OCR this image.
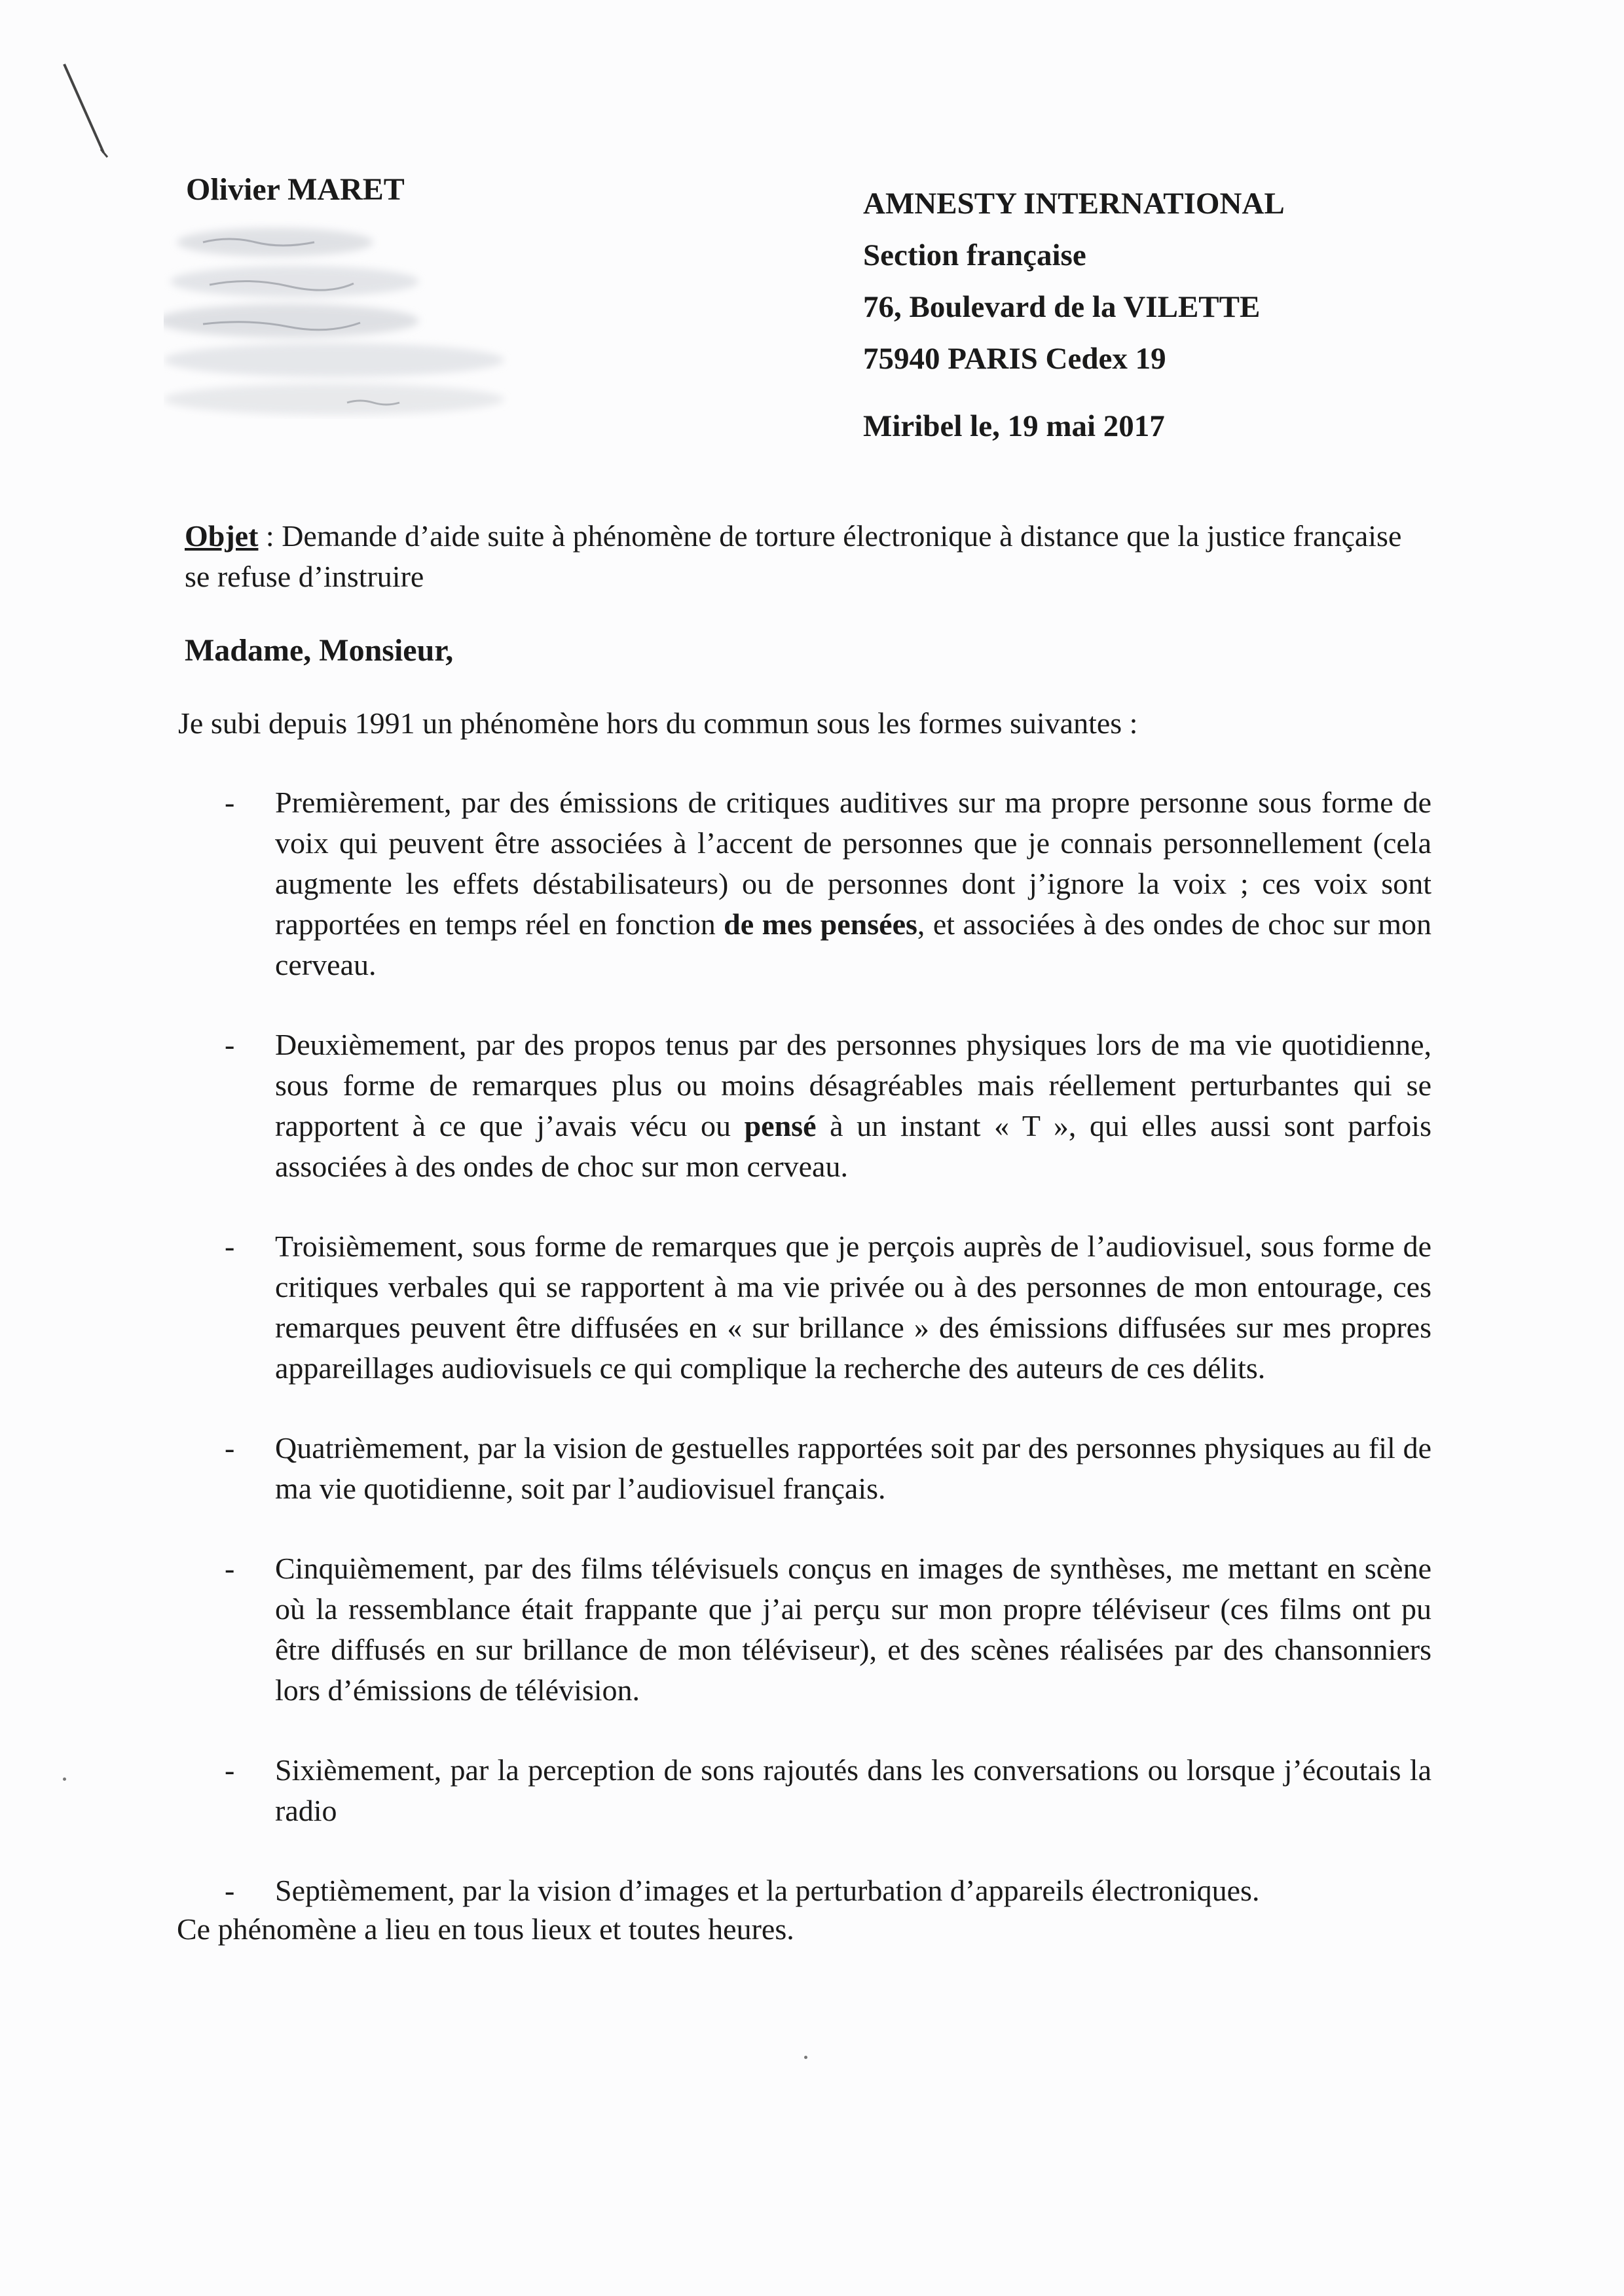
Olivier MARET	AMNESTY INTERNATIONAL
Section française
76, Boulevard de la VILETTE
75940 PARIS Cedex 19
Miribel le, 19 mai 2017

Objet : Demande d’aide suite à phénomène de torture électronique à distance que la justice française se refuse d’instruire

Madame, Monsieur,
Je subi depuis 1991 un phénomène hors du commun sous les formes suivantes :
- Premièrement, par des émissions de critiques auditives sur ma propre personne sous forme de voix qui peuvent être associées à l’accent de personnes que je connais personnellement (cela augmente les effets déstabilisateurs) ou de personnes dont j’ignore la voix ; ces voix sont rapportées en temps réel en fonction de mes pensées, et associées à des ondes de choc sur mon cerveau.
- Deuxièmement, par des propos tenus par des personnes physiques lors de ma vie quotidienne, sous forme de remarques plus ou moins désagréables mais réellement perturbantes qui se rapportent à ce que j’avais vécu ou pensé à un instant « T », qui elles aussi sont parfois associées à des ondes de choc sur mon cerveau.
- Troisièmement, sous forme de remarques que je perçois auprès de l’audiovisuel, sous forme de critiques verbales qui se rapportent à ma vie privée ou à des personnes de mon entourage, ces remarques peuvent être diffusées en « sur brillance » des émissions diffusées sur mes propres appareillages audiovisuels ce qui complique la recherche des auteurs de ces délits.
- Quatrièmement, par la vision de gestuelles rapportées soit par des personnes physiques au fil de ma vie quotidienne, soit par l’audiovisuel français.
- Cinquièmement, par des films télévisuels conçus en images de synthèses, me mettant en scène où la ressemblance était frappante que j’ai perçu sur mon propre téléviseur (ces films ont pu être diffusés en sur brillance de mon téléviseur), et des scènes réalisées par des chansonniers lors d’émissions de télévision.
- Sixièmement, par la perception de sons rajoutés dans les conversations ou lorsque j’écoutais la radio
- Septièmement, par la vision d’images et la perturbation d’appareils électroniques.
Ce phénomène a lieu en tous lieux et toutes heures.
